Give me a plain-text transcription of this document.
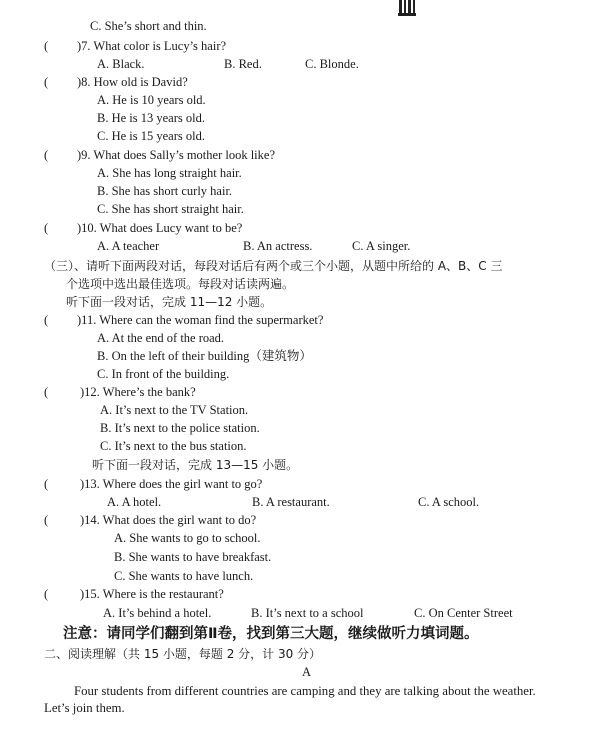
C. She’s short and thin.
( )7. What color is Lucy’s hair?
A. Black.	B. Red.	C. Blonde.
( )8. How old is David?
A. He is 10 years old.
B. He is 13 years old.
C. He is 15 years old.
( )9. What does Sally’s mother look like?
A. She has long straight hair.
B. She has short curly hair.
C. She has short straight hair.
( )10. What does Lucy want to be?
A. A teacher	B. An actress.	C. A singer.
（三）、请听下面两段对话，每段对话后有两个或三个小题，从题中所给的 A、B、C 三
个选项中选出最佳选项。每段对话读两遍。
听下面一段对话，完成 11—12 小题。
( )11. Where can the woman find the supermarket?
A. At the end of the road.
B. On the left of their building（建筑物）
C. In front of the building.
(	)12. Where’s the bank?
A. It’s next to the TV Station.
B. It’s next to the police station.
C. It’s next to the bus station.
听下面一段对话，完成 13—15 小题。
(	)13. Where does the girl want to go?
A. A hotel.	B. A restaurant.	C. A school.
(	)14. What does the girl want to do?
A. She wants to go to school.
B. She wants to have breakfast.
C. She wants to have lunch.
(	)15. Where is the restaurant?
A. It’s behind a hotel.	B. It’s next to a school	C. On Center Street
注意：请同学们翻到第Ⅱ卷，找到第三大题，继续做听力填词题。
二、阅读理解（共 15 小题，每题 2 分，计 30 分）
A
Four students from different countries are camping and they are talking about the weather.
Let’s join them.
